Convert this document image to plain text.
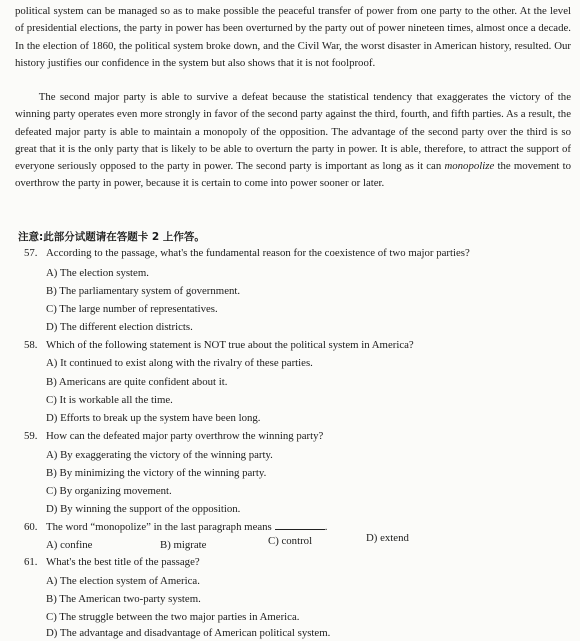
political system can be managed so as to make possible the peaceful transfer of power from one party to the other. At the level of presidential elections, the party in power has been overturned by the party out of power nineteen times, almost once a decade. In the election of 1860, the political system broke down, and the Civil War, the worst disaster in American history, resulted. Our history justifies our confidence in the system but also shows that it is not foolproof.

The second major party is able to survive a defeat because the statistical tendency that exaggerates the victory of the winning party operates even more strongly in favor of the second party against the third, fourth, and fifth parties. As a result, the defeated major party is able to maintain a monopoly of the opposition. The advantage of the second party over the third is so great that it is the only party that is likely to be able to overturn the party in power. It is able, therefore, to attract the support of everyone seriously opposed to the party in power. The second party is important as long as it can monopolize the movement to overthrow the party in power, because it is certain to come into power sooner or later.

注意:此部分试题请在答题卡 2 上作答。
57. According to the passage, what's the fundamental reason for the coexistence of two major parties?
A) The election system.
B) The parliamentary system of government.
C) The large number of representatives.
D) The different election districts.
58. Which of the following statement is NOT true about the political system in America?
A) It continued to exist along with the rivalry of these parties.
B) Americans are quite confident about it.
C) It is workable all the time.
D) Efforts to break up the system have been long.
59. How can the defeated major party overthrow the winning party?
A) By exaggerating the victory of the winning party.
B) By minimizing the victory of the winning party.
C) By organizing movement.
D) By winning the support of the opposition.
60. The word “monopolize” in the last paragraph means	.
A) confine	B) migrate	C) control	D) extend
61. What's the best title of the passage?
A) The election system of America.
B) The American two-party system.
C) The struggle between the two major parties in America.
D) The advantage and disadvantage of American political system.
